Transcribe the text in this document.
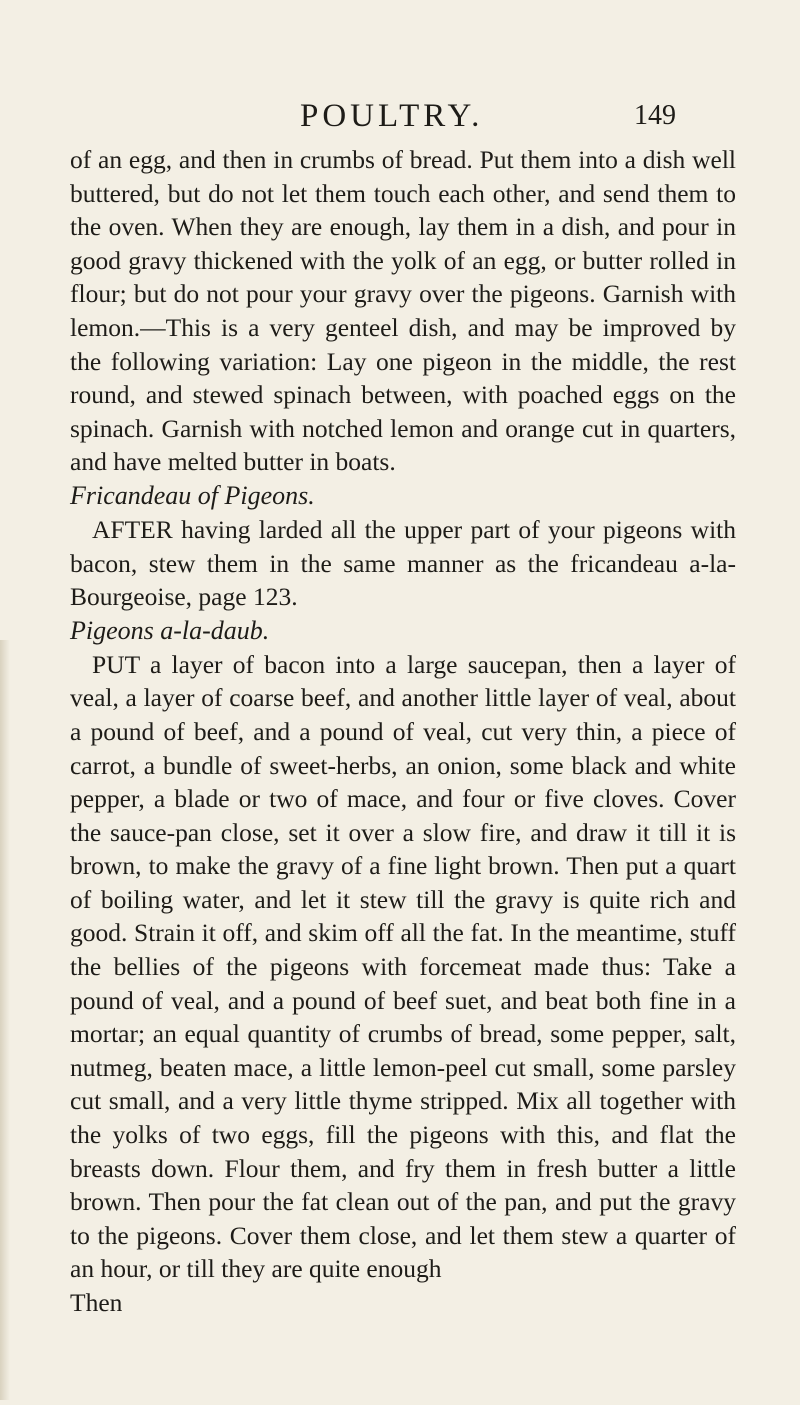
POULTRY.	149

of an egg, and then in crumbs of bread. Put them into a dish well buttered, but do not let them touch each other, and send them to the oven. When they are enough, lay them in a dish, and pour in good gravy thickened with the yolk of an egg, or butter rolled in flour; but do not pour your gravy over the pigeons. Garnish with lemon.—This is a very genteel dish, and may be improved by the following variation: Lay one pigeon in the middle, the rest round, and stewed spinach between, with poached eggs on the spinach. Garnish with notched lemon and orange cut in quarters, and have melted butter in boats.

Fricandeau of Pigeons.

AFTER having larded all the upper part of your pigeons with bacon, stew them in the same manner as the fricandeau a-la-Bourgeoise, page 123.

Pigeons a-la-daub.

PUT a layer of bacon into a large saucepan, then a layer of veal, a layer of coarse beef, and another little layer of veal, about a pound of beef, and a pound of veal, cut very thin, a piece of carrot, a bundle of sweet-herbs, an onion, some black and white pepper, a blade or two of mace, and four or five cloves. Cover the sauce-pan close, set it over a slow fire, and draw it till it is brown, to make the gravy of a fine light brown. Then put a quart of boiling water, and let it stew till the gravy is quite rich and good. Strain it off, and skim off all the fat. In the meantime, stuff the bellies of the pigeons with forcemeat made thus: Take a pound of veal, and a pound of beef suet, and beat both fine in a mortar; an equal quantity of crumbs of bread, some pepper, salt, nutmeg, beaten mace, a little lemon-peel cut small, some parsley cut small, and a very little thyme stripped. Mix all together with the yolks of two eggs, fill the pigeons with this, and flat the breasts down. Flour them, and fry them in fresh butter a little brown. Then pour the fat clean out of the pan, and put the gravy to the pigeons. Cover them close, and let them stew a quarter of an hour, or till they are quite enough

Then
